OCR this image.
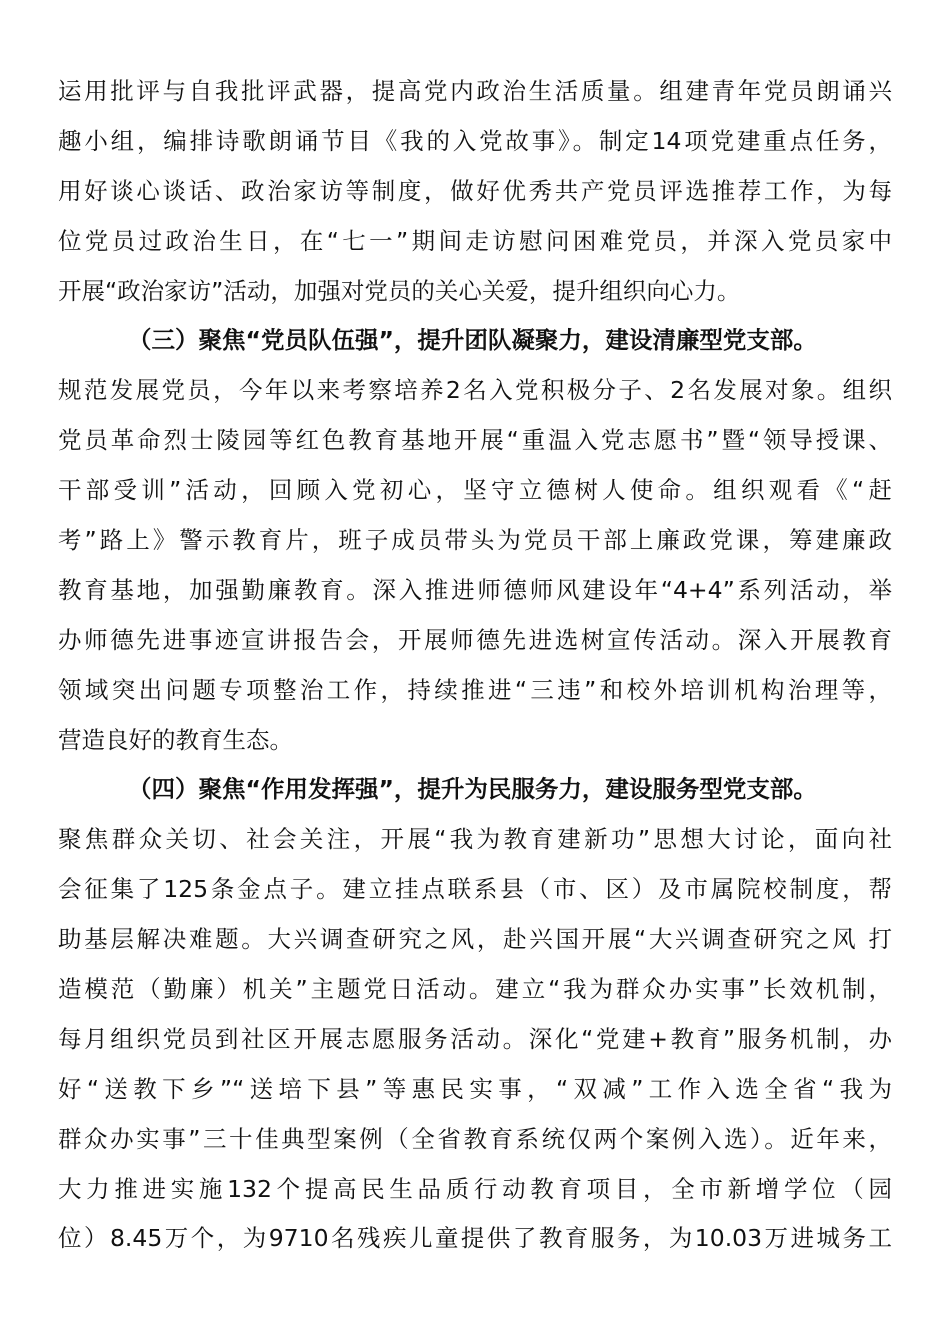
运用批评与自我批评武器，提高党内政治生活质量。组建青年党员朗诵兴
趣小组，编排诗歌朗诵节目《我的入党故事》。制定14项党建重点任务，
用好谈心谈话、政治家访等制度，做好优秀共产党员评选推荐工作，为每
位党员过政治生日，在“七一”期间走访慰问困难党员，并深入党员家中
开展“政治家访”活动，加强对党员的关心关爱，提升组织向心力。
（三）聚焦“党员队伍强”，提升团队凝聚力，建设清廉型党支部。
规范发展党员，今年以来考察培养2名入党积极分子、2名发展对象。组织
党员革命烈士陵园等红色教育基地开展“重温入党志愿书”暨“领导授课、
干部受训”活动，回顾入党初心，坚守立德树人使命。组织观看《“赶
考”路上》警示教育片，班子成员带头为党员干部上廉政党课，筹建廉政
教育基地，加强勤廉教育。深入推进师德师风建设年“4+4”系列活动，举
办师德先进事迹宣讲报告会，开展师德先进选树宣传活动。深入开展教育
领域突出问题专项整治工作，持续推进“三违”和校外培训机构治理等，
营造良好的教育生态。
（四）聚焦“作用发挥强”，提升为民服务力，建设服务型党支部。
聚焦群众关切、社会关注，开展“我为教育建新功”思想大讨论，面向社
会征集了125条金点子。建立挂点联系县（市、区）及市属院校制度，帮
助基层解决难题。大兴调查研究之风，赴兴国开展“大兴调查研究之风 打
造模范（勤廉）机关”主题党日活动。建立“我为群众办实事”长效机制，
每月组织党员到社区开展志愿服务活动。深化“党建+教育”服务机制，办
好“送教下乡”“送培下县”等惠民实事，“双减”工作入选全省“我为
群众办实事”三十佳典型案例（全省教育系统仅两个案例入选）。近年来，
大力推进实施132个提高民生品质行动教育项目，全市新增学位（园
位）8.45万个，为9710名残疾儿童提供了教育服务，为10.03万进城务工
